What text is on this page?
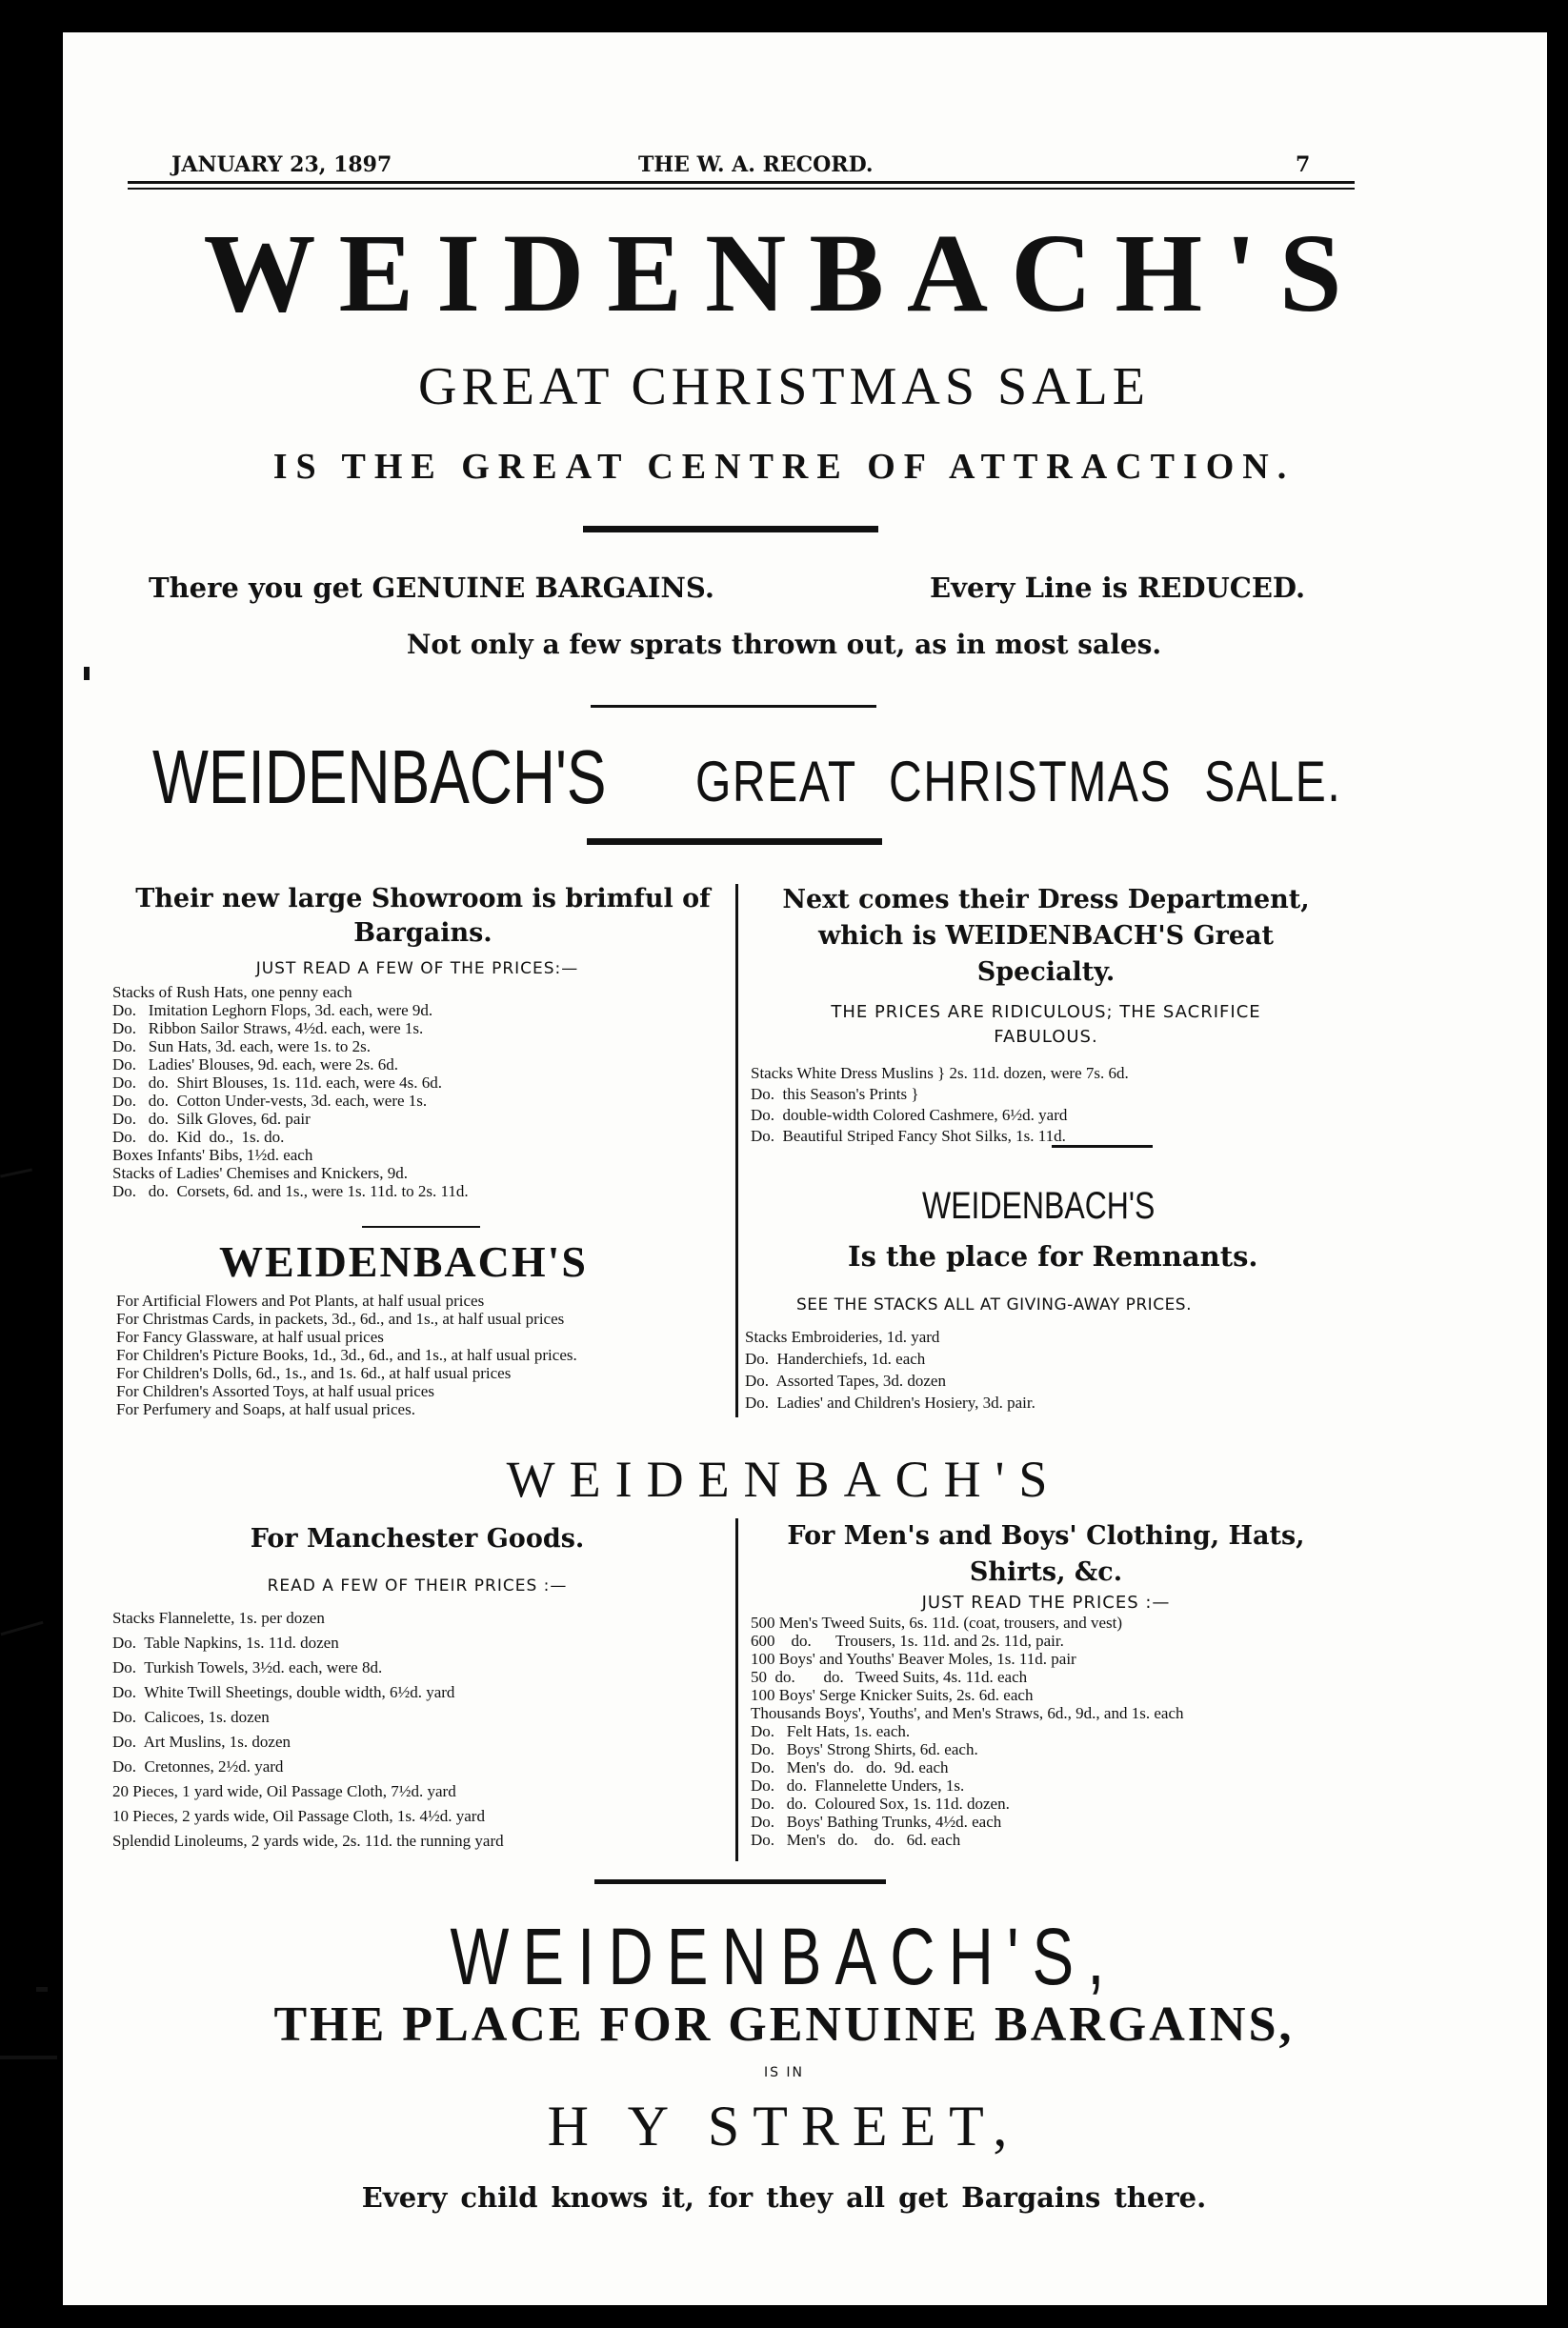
JANUARY 23, 1897	THE W. A. RECORD.	7
WEIDENBACH'S
GREAT CHRISTMAS SALE
IS THE GREAT CENTRE OF ATTRACTION.
There you get GENUINE BARGAINS.	Every Line is REDUCED.
Not only a few sprats thrown out, as in most sales.
WEIDENBACH'S GREAT CHRISTMAS SALE.

Their new large Showroom is brimful of Bargains.

JUST READ A FEW OF THE PRICES:—

Stacks of Rush Hats, one penny each

Do.   Imitation Leghorn Flops, 3d. each, were 9d.

Do.   Ribbon Sailor Straws, 4½d. each, were 1s.

Do.   Sun Hats, 3d. each, were 1s. to 2s.

Do.   Ladies' Blouses, 9d. each, were 2s. 6d.

Do.   do.  Shirt Blouses, 1s. 11d. each, were 4s. 6d.

Do.   do.  Cotton Under-vests, 3d. each, were 1s.

Do.   do.  Silk Gloves, 6d. pair

Do.   do.  Kid  do.,  1s. do.

Boxes Infants' Bibs, 1½d. each

Stacks of Ladies' Chemises and Knickers, 9d.

Do.   do.  Corsets, 6d. and 1s., were 1s. 11d. to 2s. 11d.

WEIDENBACH'S

For Artificial Flowers and Pot Plants, at half usual prices

For Christmas Cards, in packets, 3d., 6d., and 1s., at half usual prices

For Fancy Glassware, at half usual prices

For Children's Picture Books, 1d., 3d., 6d., and 1s., at half usual prices.

For Children's Dolls, 6d., 1s., and 1s. 6d., at half usual prices

For Children's Assorted Toys, at half usual prices

For Perfumery and Soaps, at half usual prices.

Next comes their Dress Department, which is WEIDENBACH'S Great Specialty.

THE PRICES ARE RIDICULOUS; THE SACRIFICE FABULOUS.

Stacks White Dress Muslins } 2s. 11d. dozen, were 7s. 6d.

Do.  this Season's Prints }

Do.  double-width Colored Cashmere, 6½d. yard

Do.  Beautiful Striped Fancy Shot Silks, 1s. 11d.

WEIDENBACH'S
Is the place for Remnants.
SEE THE STACKS ALL AT GIVING-AWAY PRICES.

Stacks Embroideries, 1d. yard

Do.  Handerchiefs, 1d. each

Do.  Assorted Tapes, 3d. dozen

Do.  Ladies' and Children's Hosiery, 3d. pair.

WEIDENBACH'S

For Manchester Goods.

READ A FEW OF THEIR PRICES :—

Stacks Flannelette, 1s. per dozen

Do.  Table Napkins, 1s. 11d. dozen

Do.  Turkish Towels, 3½d. each, were 8d.

Do.  White Twill Sheetings, double width, 6½d. yard

Do.  Calicoes, 1s. dozen

Do.  Art Muslins, 1s. dozen

Do.  Cretonnes, 2½d. yard

20 Pieces, 1 yard wide, Oil Passage Cloth, 7½d. yard

10 Pieces, 2 yards wide, Oil Passage Cloth, 1s. 4½d. yard

Splendid Linoleums, 2 yards wide, 2s. 11d. the running yard

For Men's and Boys' Clothing, Hats, Shirts, &c.

JUST READ THE PRICES :—

500 Men's Tweed Suits, 6s. 11d. (coat, trousers, and vest)

600    do.      Trousers, 1s. 11d. and 2s. 11d, pair.

100 Boys' and Youths' Beaver Moles, 1s. 11d. pair

50  do.       do.   Tweed Suits, 4s. 11d. each

100 Boys' Serge Knicker Suits, 2s. 6d. each

Thousands Boys', Youths', and Men's Straws, 6d., 9d., and 1s. each

Do.   Felt Hats, 1s. each.

Do.   Boys' Strong Shirts, 6d. each.

Do.   Men's  do.   do.  9d. each

Do.   do.  Flannelette Unders, 1s.

Do.   do.  Coloured Sox, 1s. 11d. dozen.

Do.   Boys' Bathing Trunks, 4½d. each

Do.   Men's   do.    do.   6d. each

WEIDENBACH'S,
THE PLACE FOR GENUINE BARGAINS,
IS IN
H Y STREET,
Every child knows it, for they all get Bargains there.
